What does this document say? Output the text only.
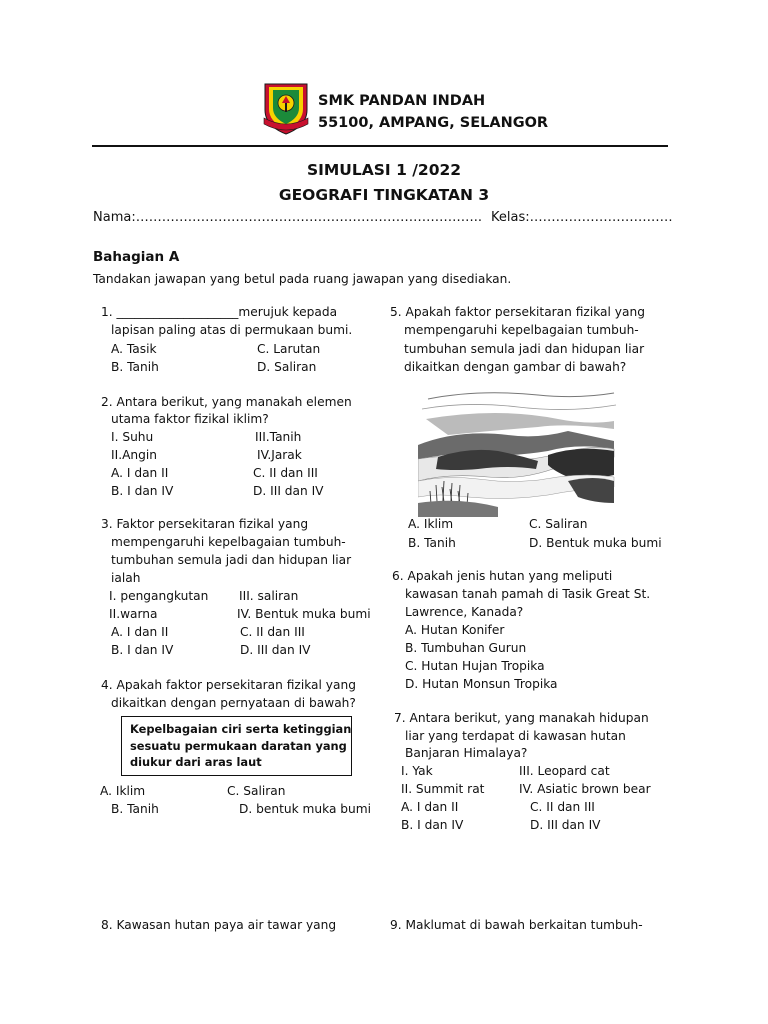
SMK PANDAN INDAH
55100, AMPANG, SELANGOR
SIMULASI 1 /2022
GEOGRAFI TINGKATAN 3
Nama:…………………………………………………………………….. Kelas:……………………………
Bahagian A
Tandakan jawapan yang betul pada ruang jawapan yang disediakan.
1. ____________________merujuk kepada
lapisan paling atas di permukaan bumi.
A. Tasik	C. Larutan
B. Tanih	D. Saliran
2. Antara berikut, yang manakah elemen
utama faktor fizikal iklim?
I. Suhu	III.Tanih
II.Angin	IV.Jarak
A. I dan II	C. II dan III
B. I dan IV	D. III dan IV
3. Faktor persekitaran fizikal yang
mempengaruhi kepelbagaian tumbuh-
tumbuhan semula jadi dan hidupan liar
ialah
I. pengangkutan	III. saliran
II.warna	IV. Bentuk muka bumi
A. I dan II	C. II dan III
B. I dan IV	D. III dan IV
4. Apakah faktor persekitaran fizikal yang
dikaitkan dengan pernyataan di bawah?
Kepelbagaian ciri serta ketinggian
sesuatu permukaan daratan yang
diukur dari aras laut
A. Iklim	C. Saliran
B. Tanih	D. bentuk muka bumi
8. Kawasan hutan paya air tawar yang
5. Apakah faktor persekitaran fizikal yang
mempengaruhi kepelbagaian tumbuh-
tumbuhan semula jadi dan hidupan liar
dikaitkan dengan gambar di bawah?
A. Iklim	C. Saliran
B. Tanih	D. Bentuk muka bumi
6. Apakah jenis hutan yang meliputi
kawasan tanah pamah di Tasik Great St.
Lawrence, Kanada?
A. Hutan Konifer
B. Tumbuhan Gurun
C. Hutan Hujan Tropika
D. Hutan Monsun Tropika
7. Antara berikut, yang manakah hidupan
liar yang terdapat di kawasan hutan
Banjaran Himalaya?
I. Yak	III. Leopard cat
II. Summit rat	IV. Asiatic brown bear
A. I dan II	C. II dan III
B. I dan IV	D. III dan IV
9. Maklumat di bawah berkaitan tumbuh-
